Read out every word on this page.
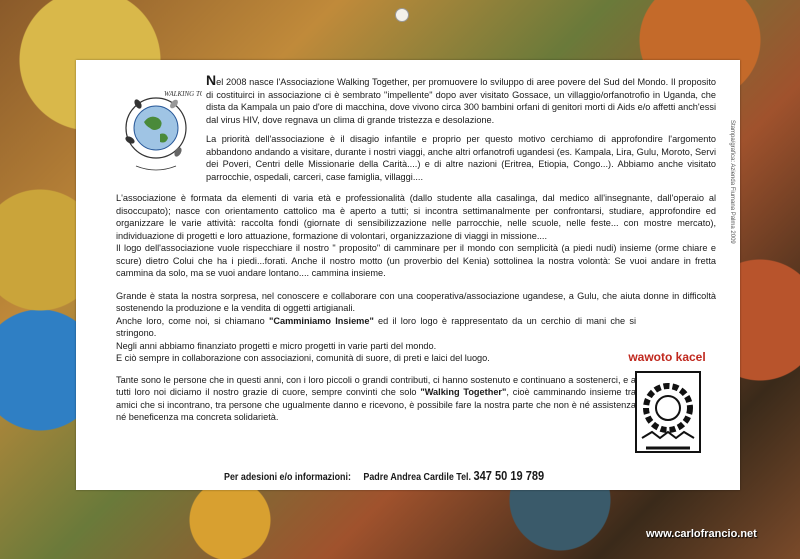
Stampa/grafica: Azienda Fiumana Palma 2009
WALKING T

Nel 2008 nasce l'Associazione Walking Together, per promuovere lo sviluppo di aree povere del Sud del Mondo. Il proposito di costituirci in associazione ci è sembrato "impellente" dopo aver visitato Gossace, un villaggio/orfanotrofio in Uganda, che dista da Kampala un paio d'ore di macchina, dove vivono circa 300 bambini orfani di genitori morti di Aids e/o affetti anch'essi dal virus HIV, dove regnava un clima di grande tristezza e desolazione.

La priorità dell'associazione è il disagio infantile e proprio per questo motivo cerchiamo di approfondire l'argomento abbandono andando a visitare, durante i nostri viaggi, anche altri orfanotrofi ugandesi (es. Kampala, Lira, Gulu, Moroto, Servi dei Poveri, Centri delle Missionarie della Carità....) e di altre nazioni (Eritrea, Etiopia, Congo...). Abbiamo anche visitato parrocchie, ospedali, carceri, case famiglia, villaggi....

L'associazione è formata da elementi di varia età e professionalità (dallo studente alla casalinga, dal medico all'insegnante, dall'operaio al disoccupato); nasce con orientamento cattolico ma è aperto a tutti; si incontra settimanalmente per confrontarsi, studiare, approfondire ed organizzare le varie attività: raccolta fondi (giornate di sensibilizzazione nelle parrocchie, nelle scuole, nelle feste... con mostre mercato), individuazione di progetti e loro attuazione, formazione di volontari, organizzazione di viaggi in missione....

Il logo dell'associazione vuole rispecchiare il nostro " proposito" di camminare per il mondo con semplicità (a piedi nudi) insieme (orme chiare e scure) dietro Colui che ha i piedi...forati. Anche il nostro motto (un proverbio del Kenia) sottolinea la nostra volontà: Se vuoi andare in fretta cammina da solo, ma se vuoi andare lontano.... cammina insieme.

Grande è stata la nostra sorpresa, nel conoscere e collaborare con una cooperativa/associazione ugandese, a Gulu, che aiuta donne in difficoltà sostenendo la produzione e la vendita di oggetti artigianali.

Anche loro, come noi, si chiamano "Camminiamo Insieme" ed il loro logo è rappresentato da un cerchio di mani che si stringono.

Negli anni abbiamo finanziato progetti e micro progetti in varie parti del mondo.

E ciò sempre in collaborazione con associazioni, comunità di suore, di preti e laici del luogo.

Tante sono le persone che in questi anni, con i loro piccoli o grandi contributi, ci hanno sostenuto e continuano a sostenerci, e a tutti loro noi diciamo il nostro grazie di cuore, sempre convinti che solo "Walking Together", cioè camminando insieme tra amici che si incontrano, tra persone che ugualmente danno e ricevono, è possibile fare la nostra parte che non è né assistenza né beneficenza ma concreta solidarietà.

wawoto kacel
Per adesioni e/o informazioni: Padre Andrea Cardile Tel. 347 50 19 789
www.carlofrancio.net
